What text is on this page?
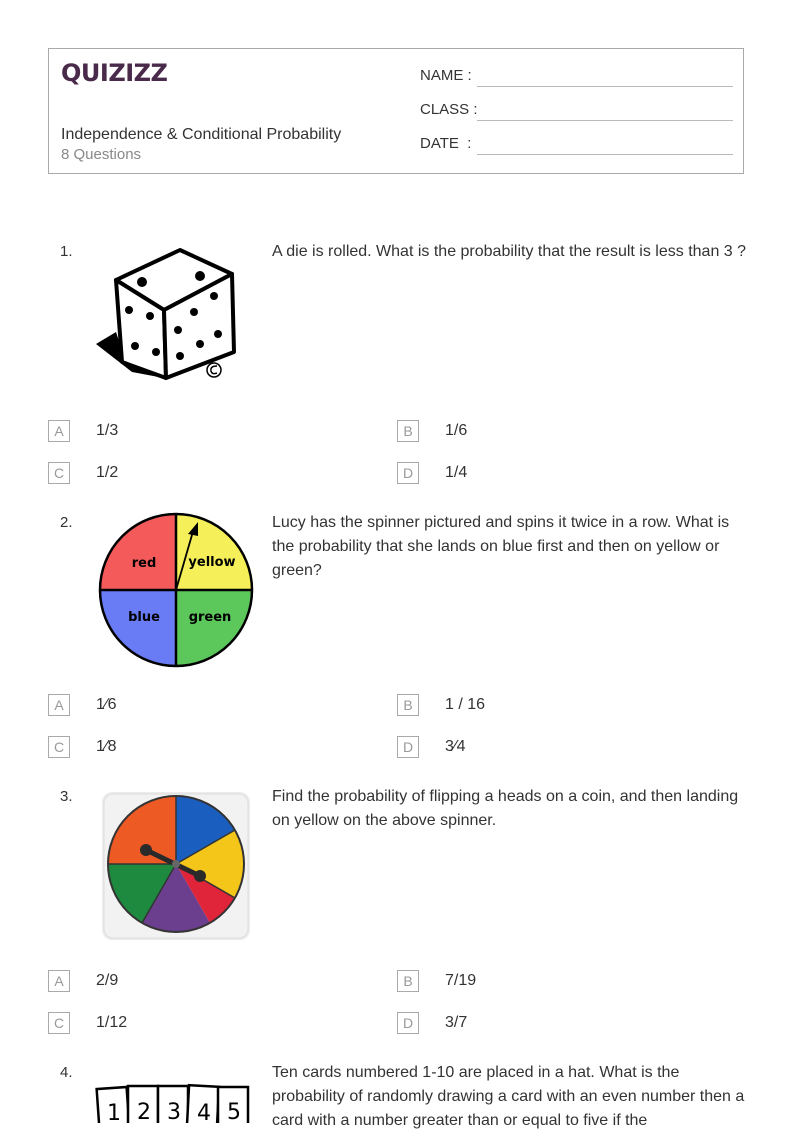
QUIZIZZ
Independence & Conditional Probability
8 Questions
NAME :
CLASS :
DATE  :
1.	A die is rolled. What is the probability that the result is less than 3 ?
A	1/3	B	1/6
C	1/2	D	1/4
2.
red yellow
blue green
Lucy has the spinner pictured and spins it twice in a row. What is the probability that she lands on blue first and then on yellow or green?
A	1⁄6	B	1 / 16
C	1⁄8	D	3⁄4
3.	Find the probability of flipping a heads on a coin, and then landing on yellow on the above spinner.
A	2/9	B	7/19
C	1/12	D	3/7
4.
1 2 3 4 5
Ten cards numbered 1-10 are placed in a hat. What is the probability of randomly drawing a card with an even number then a card with a number greater than or equal to five if the
